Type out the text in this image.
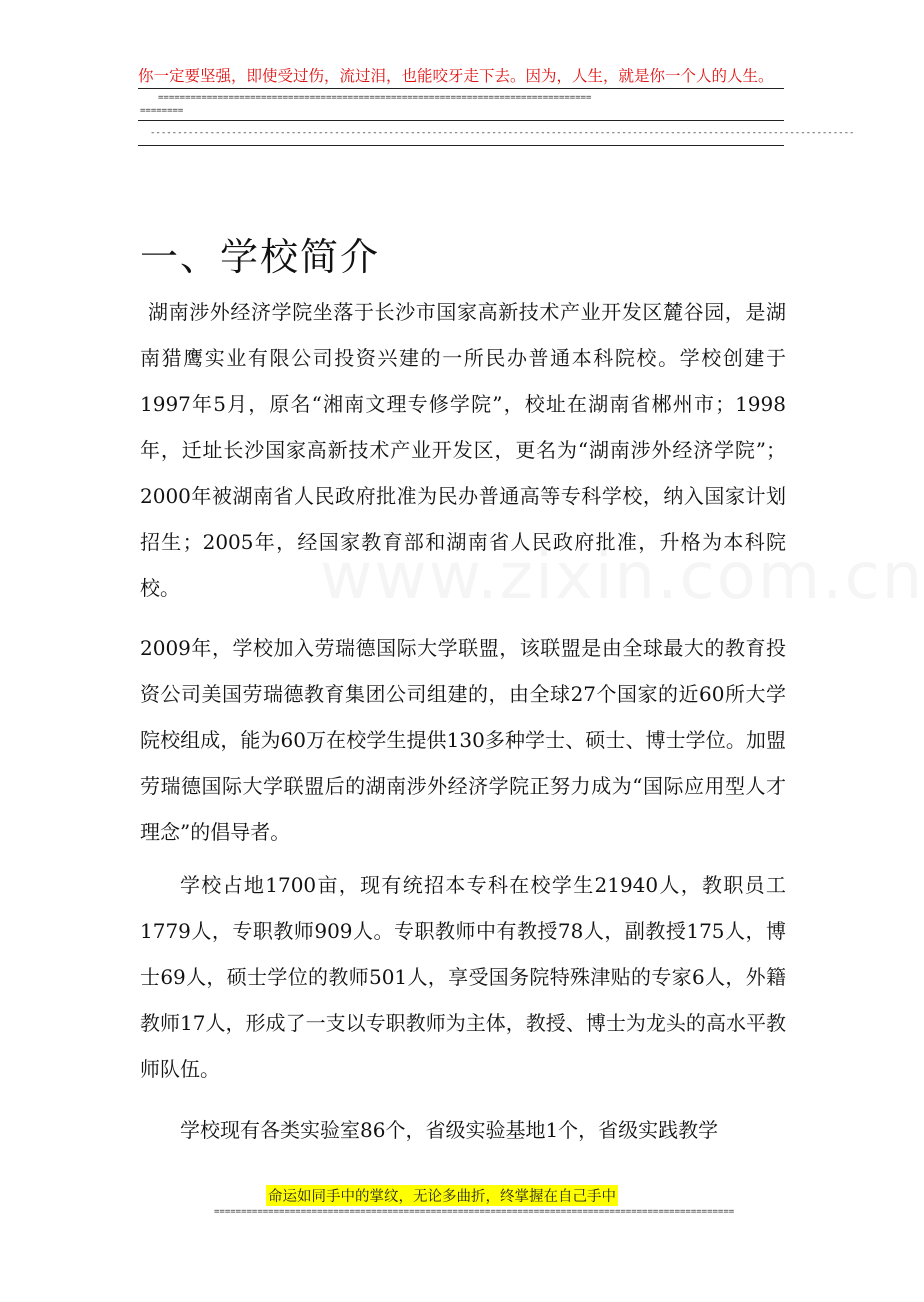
你一定要坚强，即使受过伤，流过泪，也能咬牙走下去。因为，人生，就是你一个人的人生。
================================================================================
========
----------------------------------------------------------------------------------------------------------------------------------
一、学校简介

湖南涉外经济学院坐落于长沙市国家高新技术产业开发区麓谷园，是湖南猎鹰实业有限公司投资兴建的一所民办普通本科院校。学校创建于1997年5月，原名“湘南文理专修学院”，校址在湖南省郴州市；1998年，迁址长沙国家高新技术产业开发区，更名为“湖南涉外经济学院”；2000年被湖南省人民政府批准为民办普通高等专科学校，纳入国家计划招生；2005年，经国家教育部和湖南省人民政府批准，升格为本科院校。

2009年，学校加入劳瑞德国际大学联盟，该联盟是由全球最大的教育投资公司美国劳瑞德教育集团公司组建的，由全球27个国家的近60所大学院校组成，能为60万在校学生提供130多种学士、硕士、博士学位。加盟劳瑞德国际大学联盟后的湖南涉外经济学院正努力成为“国际应用型人才理念”的倡导者。

学校占地1700亩，现有统招本专科在校学生21940人，教职员工1779人，专职教师909人。专职教师中有教授78人，副教授175人，博士69人，硕士学位的教师501人，享受国务院特殊津贴的专家6人，外籍教师17人，形成了一支以专职教师为主体，教授、博士为龙头的高水平教师队伍。

学校现有各类实验室86个，省级实验基地1个，省级实践教学

命运如同手中的掌纹，无论多曲折，终掌握在自己手中
================================================================================================
